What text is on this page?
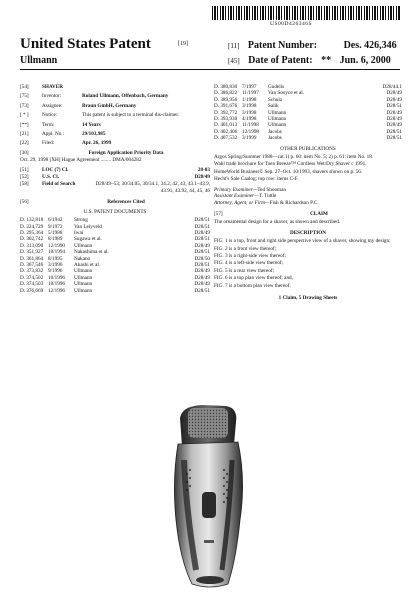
US00D426346S
United States Patent	[19]
Ullmann
[11] Patent Number:	Des. 426,346
[45] Date of Patent: ** Jun. 6, 2000
[54]	SHAVER
[75]	Inventor:	Roland Ullmann, Offenbach, Germany
[73]	Assignee:	Braun GmbH, Germany
[ * ]	Notice:	This patent is subject to a terminal dis-claimer.
[**]	Term:	14 Years
[21]	Appl. No.:	29/103,985
[22]	Filed:	Apr. 26, 1999
[30]	Foreign Application Priority Data
Oct. 29, 1998 [XH] Hague Agreement ........ DMA/004282
[51]	LOC (7) Cl.	28-03
[52]	U.S. Cl.	D28/49
[58]	Field of Search	D28/49–53; 30/34.05, 30/34.1, 34.2, 42, 43, 43.1–43.9, 43.91, 43.92, 44, 45, 46
[56]	References Cited
U.S. PATENT DOCUMENTS
D. 132,818 6/1942	Strong	D28/51
D. 224,729 9/1972	Van Lelyveld	D28/51
D. 295,364 5/1988	Iwai	D28/49
D. 302,742 8/1989	Sugawa et al.	D28/51
D. 313,090 12/1990	Ullmann	D28/49
D. 351,927 10/1994	Nakashima et al.	D28/51
D. 361,864 8/1995	Nakano	D28/50
D. 367,546 3/1996	Akashi et al.	D28/51
D. 373,832 9/1996	Ullmann	D28/49
D. 374,502 10/1996	Ullmann	D28/49
D. 374,503 10/1996	Ullmann	D28/49
D. 376,669 12/1996	Ullmann	D28/51
D. 380,830 7/1997	Gudelis	D28/44.1
D. 386,822 11/1997	Van Sooyce et al.	D28/49
D. 389,956 1/1998	Schulz	D28/49
D. 391,676 3/1998	Salik	D28/51
D. 392,772 3/1998	Ullmann	D28/49
D. 393,930 4/1998	Ullmann	D28/49
D. 401,013 11/1998	Ullmann	D28/49
D. 402,406 12/1998	Jacobs	D28/51
D. 407,532 3/1999	Jacobs	D28/51
OTHER PUBLICATIONS
Argos Spring/Summer 1988—cat.1) p. 60: item No. 5; 2) p. 61: item No. 18.
Wahl trade brochure for Toen Breeze™ Cordless Wet/Dry Shaver c 1991.
HomeWorld Business© Sep. 27–Oct. 10/1993, shavers shown on p. 56.
Hecht's Sale Caalog; top row: items C-F.
Primary Examiner—Ted Shooman
Assistant Examiner—T. Tuttle
Attorney, Agent, or Firm—Fish & Richardson P.C.
[57]	CLAIM
The ornamental design for a shaver, as shown and described.
DESCRIPTION
FIG. 1 is a top, front and right side perspective view of a shaver, showing my design;
FIG. 2 is a front view thereof;
FIG. 3 is a right-side view thereof;
FIG. 4 is a left-side view thereof;
FIG. 5 is a rear view thereof;
FIG. 6 is a top plan view thereof; and,
FIG. 7 is a bottom plan view thereof.
1 Claim, 5 Drawing Sheets
